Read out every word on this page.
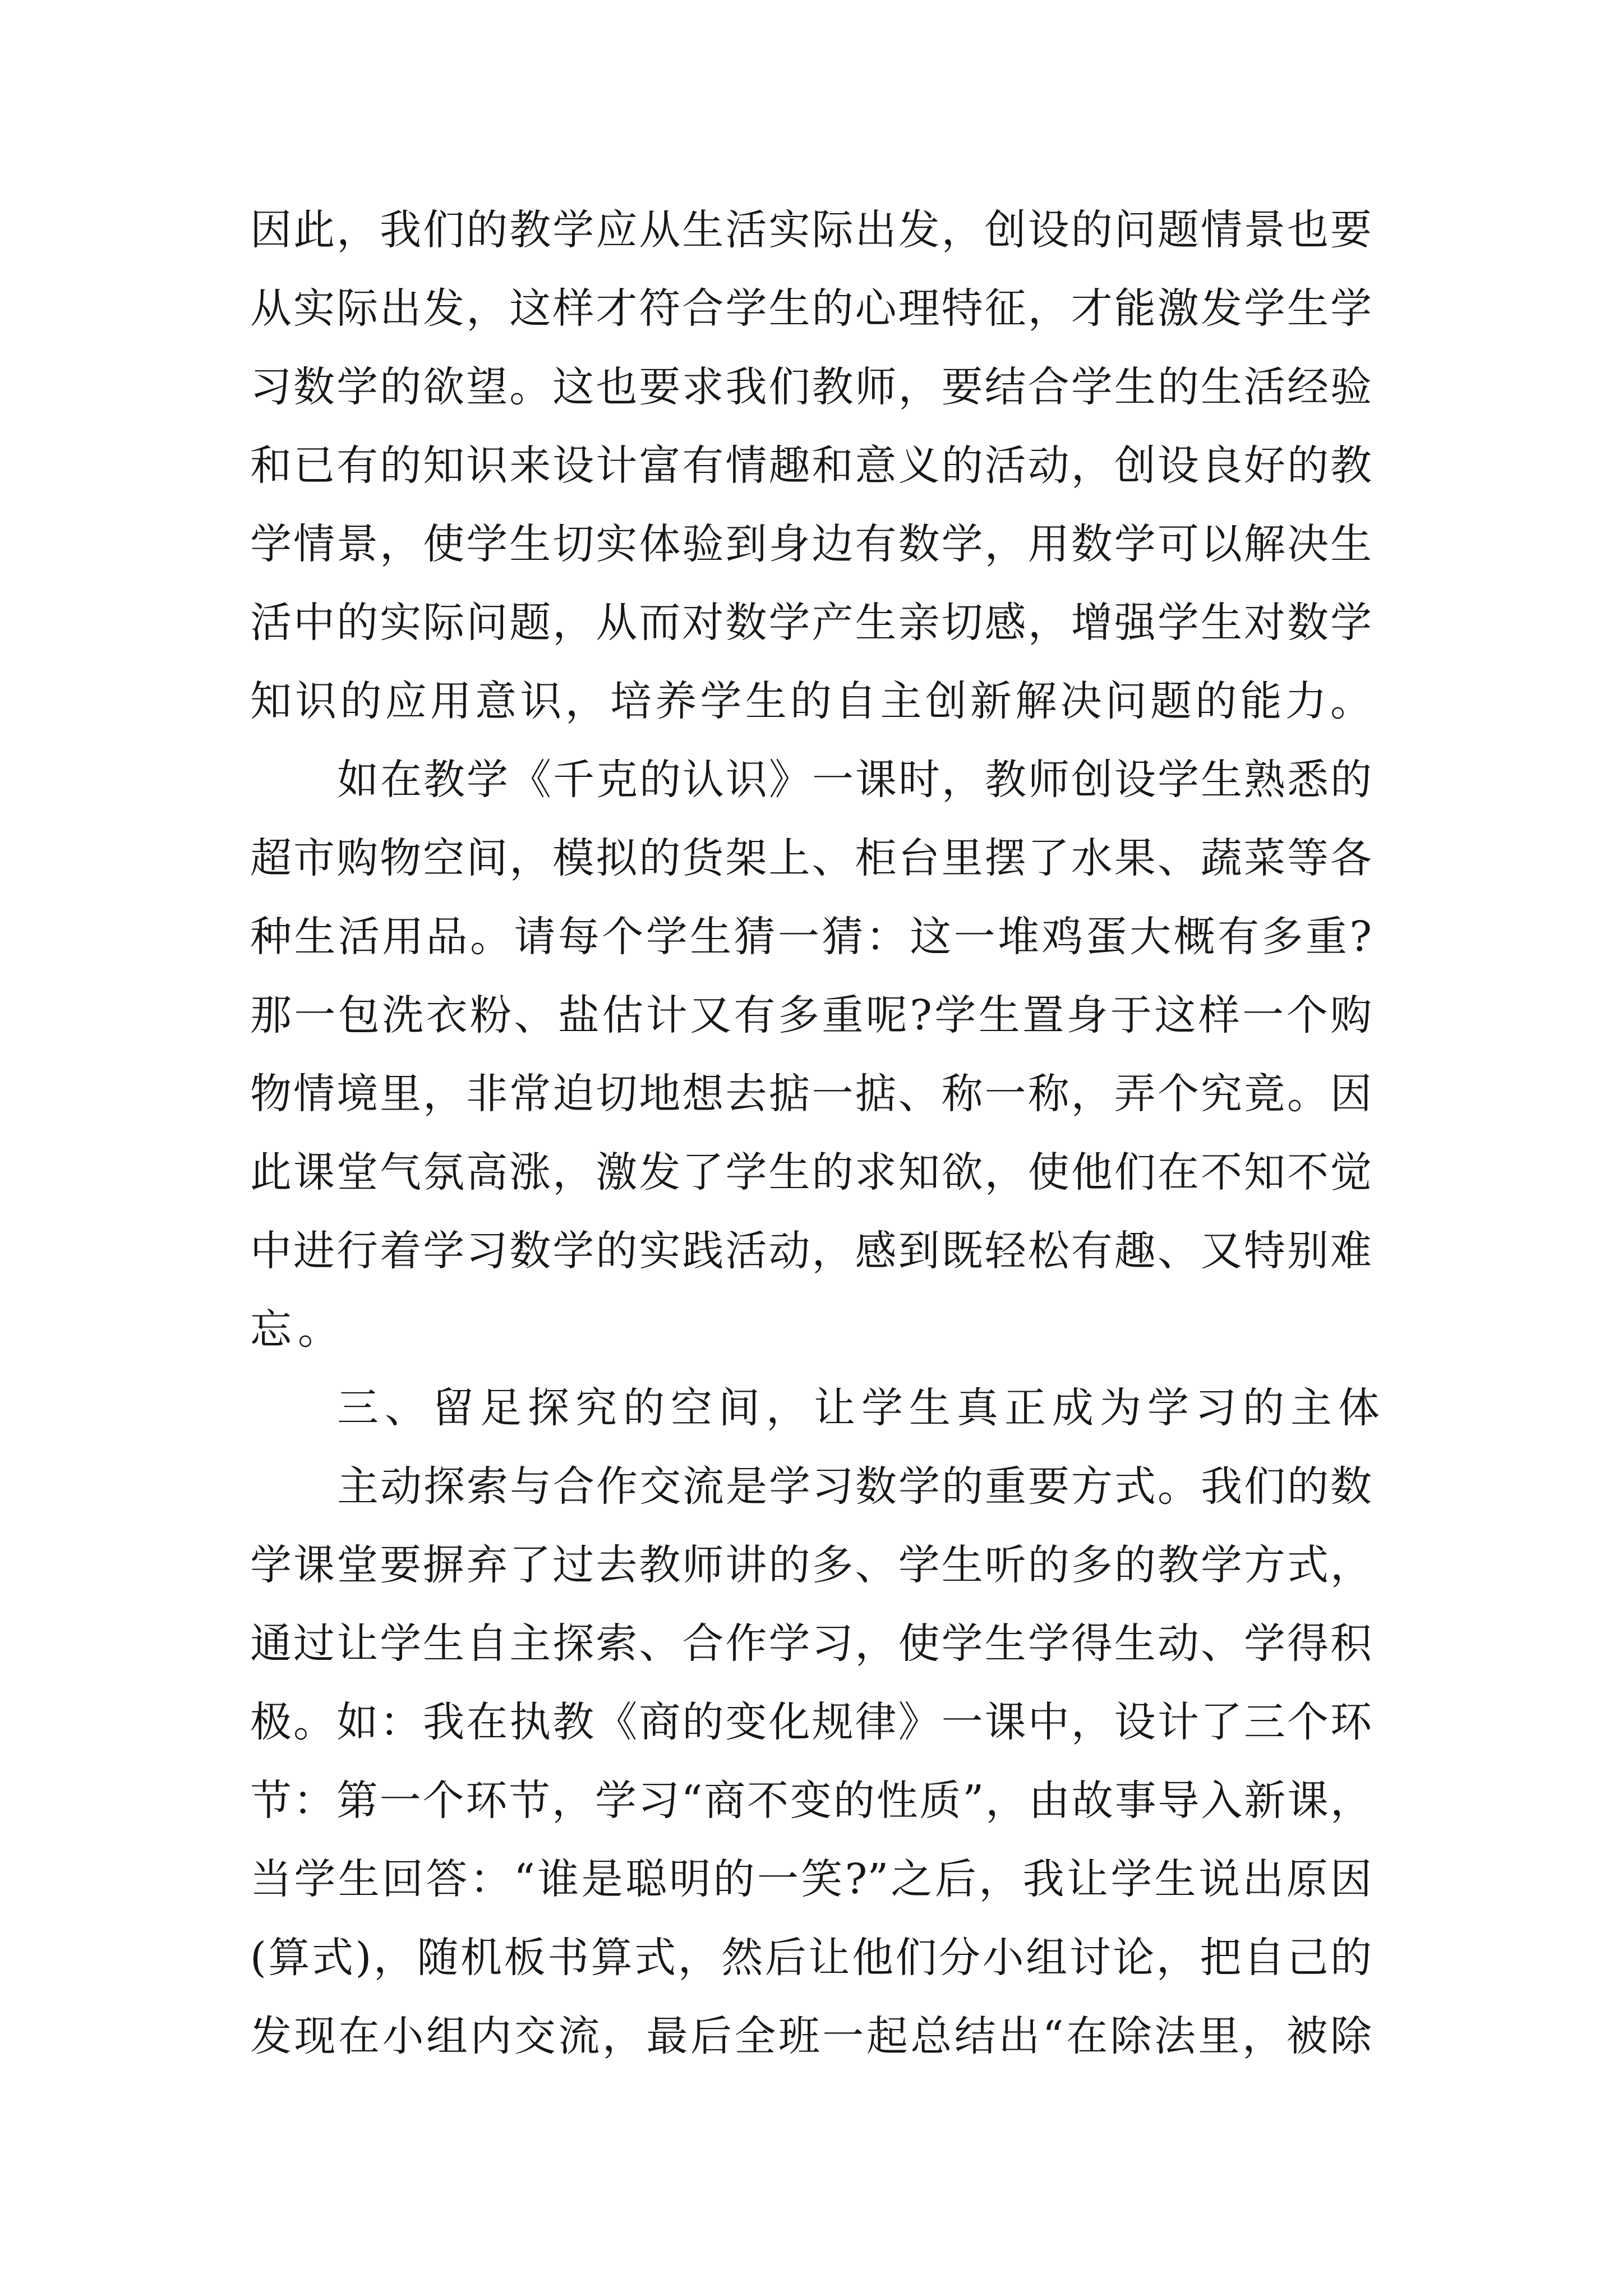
因此，我们的教学应从生活实际出发，创设的问题情景也要
从实际出发，这样才符合学生的心理特征，才能激发学生学
习数学的欲望。这也要求我们教师，要结合学生的生活经验
和已有的知识来设计富有情趣和意义的活动，创设良好的教
学情景，使学生切实体验到身边有数学，用数学可以解决生
活中的实际问题，从而对数学产生亲切感，增强学生对数学
知识的应用意识，培养学生的自主创新解决问题的能力。
如在教学《千克的认识》一课时，教师创设学生熟悉的
超市购物空间，模拟的货架上、柜台里摆了水果、蔬菜等各
种生活用品。请每个学生猜一猜：这一堆鸡蛋大概有多重?
那一包洗衣粉、盐估计又有多重呢?学生置身于这样一个购
物情境里，非常迫切地想去掂一掂、称一称，弄个究竟。因
此课堂气氛高涨，激发了学生的求知欲，使他们在不知不觉
中进行着学习数学的实践活动，感到既轻松有趣、又特别难
忘。
三、留足探究的空间，让学生真正成为学习的主体
主动探索与合作交流是学习数学的重要方式。我们的数
学课堂要摒弃了过去教师讲的多、学生听的多的教学方式，
通过让学生自主探索、合作学习，使学生学得生动、学得积
极。如：我在执教《商的变化规律》一课中，设计了三个环
节：第一个环节，学习“商不变的性质”，由故事导入新课，
当学生回答：“谁是聪明的一笑?”之后，我让学生说出原因
(算式)，随机板书算式，然后让他们分小组讨论，把自己的
发现在小组内交流，最后全班一起总结出“在除法里，被除
